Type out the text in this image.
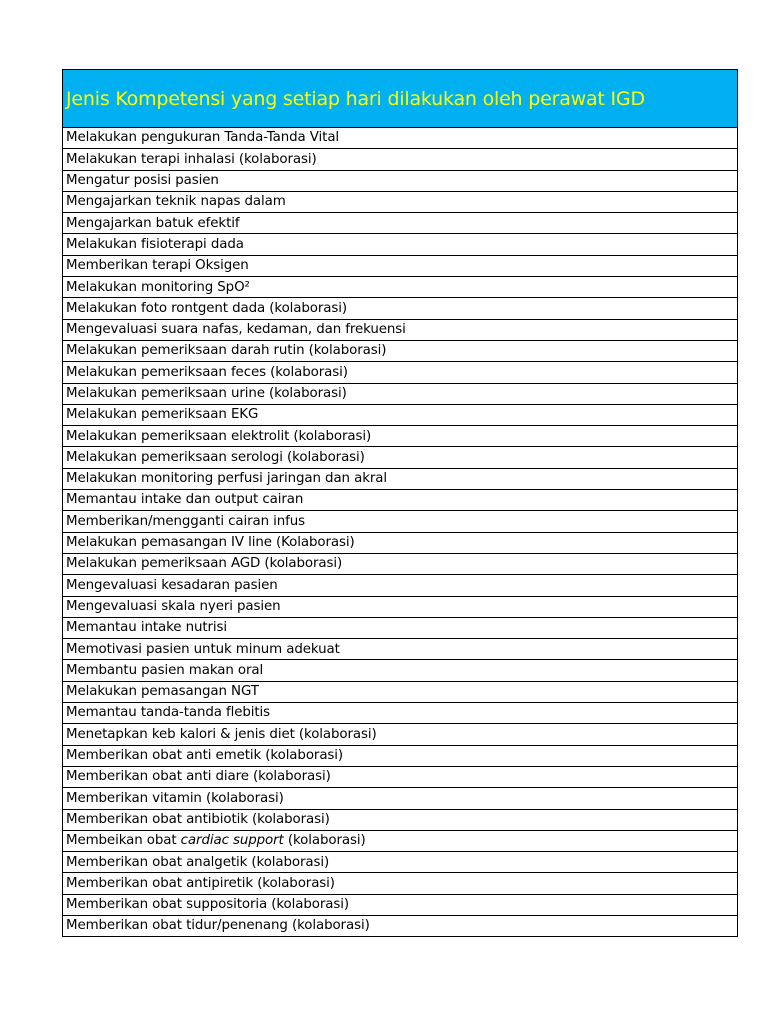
Jenis Kompetensi yang setiap hari dilakukan oleh perawat IGD
Melakukan pengukuran Tanda-Tanda Vital
Melakukan terapi inhalasi (kolaborasi)
Mengatur posisi pasien
Mengajarkan teknik napas dalam
Mengajarkan batuk efektif
Melakukan fisioterapi dada
Memberikan terapi Oksigen
Melakukan monitoring SpO²
Melakukan foto rontgent dada (kolaborasi)
Mengevaluasi suara nafas, kedaman, dan frekuensi
Melakukan pemeriksaan darah rutin (kolaborasi)
Melakukan pemeriksaan feces (kolaborasi)
Melakukan pemeriksaan urine (kolaborasi)
Melakukan pemeriksaan EKG
Melakukan pemeriksaan elektrolit (kolaborasi)
Melakukan pemeriksaan serologi (kolaborasi)
Melakukan monitoring perfusi jaringan dan akral
Memantau intake dan output cairan
Memberikan/mengganti cairan infus
Melakukan pemasangan IV line (Kolaborasi)
Melakukan pemeriksaan AGD (kolaborasi)
Mengevaluasi kesadaran pasien
Mengevaluasi skala nyeri pasien
Memantau intake nutrisi
Memotivasi pasien untuk minum adekuat
Membantu pasien makan oral
Melakukan pemasangan NGT
Memantau tanda-tanda flebitis
Menetapkan keb kalori & jenis diet (kolaborasi)
Memberikan obat anti emetik (kolaborasi)
Memberikan obat anti diare (kolaborasi)
Memberikan vitamin (kolaborasi)
Memberikan obat antibiotik (kolaborasi)
Membeikan obat cardiac support (kolaborasi)
Memberikan obat analgetik (kolaborasi)
Memberikan obat antipiretik (kolaborasi)
Memberikan obat suppositoria (kolaborasi)
Memberikan obat tidur/penenang (kolaborasi)
